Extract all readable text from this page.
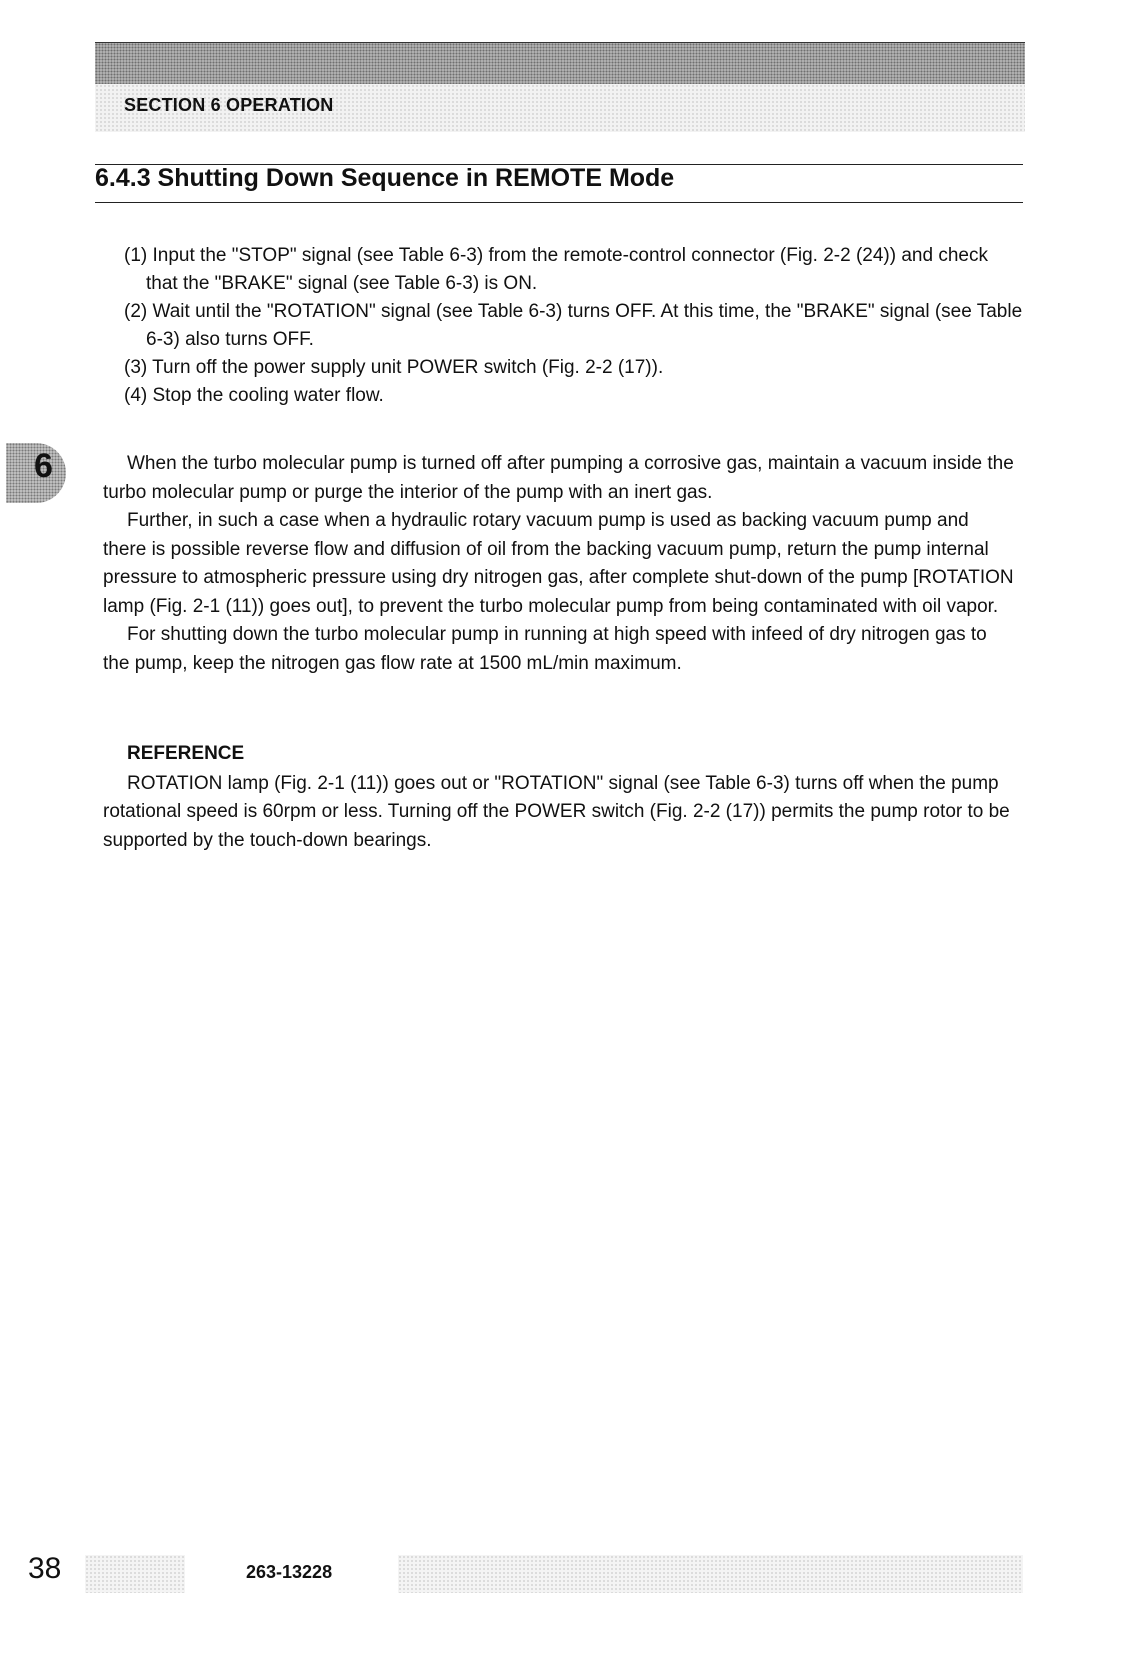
SECTION 6 OPERATION
6.4.3 Shutting Down Sequence in REMOTE Mode
(1) Input the "STOP" signal (see Table 6-3) from the remote-control connector (Fig. 2-2 (24)) and check that the "BRAKE" signal (see Table 6-3) is ON.
(2) Wait until the "ROTATION" signal (see Table 6-3) turns OFF. At this time, the "BRAKE" signal (see Table 6-3) also turns OFF.
(3) Turn off the power supply unit POWER switch (Fig. 2-2 (17)).
(4) Stop the cooling water flow.
6	When the turbo molecular pump is turned off after pumping a corrosive gas, maintain a vacuum inside the turbo molecular pump or purge the interior of the pump with an inert gas.

Further, in such a case when a hydraulic rotary vacuum pump is used as backing vacuum pump and there is possible reverse flow and diffusion of oil from the backing vacuum pump, return the pump internal pressure to atmospheric pressure using dry nitrogen gas, after complete shut-down of the pump [ROTATION lamp (Fig. 2-1 (11)) goes out], to prevent the turbo molecular pump from being contaminated with oil vapor.

For shutting down the turbo molecular pump in running at high speed with infeed of dry nitrogen gas to the pump, keep the nitrogen gas flow rate at 1500 mL/min maximum.

REFERENCE

ROTATION lamp (Fig. 2-1 (11)) goes out or "ROTATION" signal (see Table 6-3) turns off when the pump rotational speed is 60rpm or less. Turning off the POWER switch (Fig. 2-2 (17)) permits the pump rotor to be supported by the touch-down bearings.

38	263-13228
